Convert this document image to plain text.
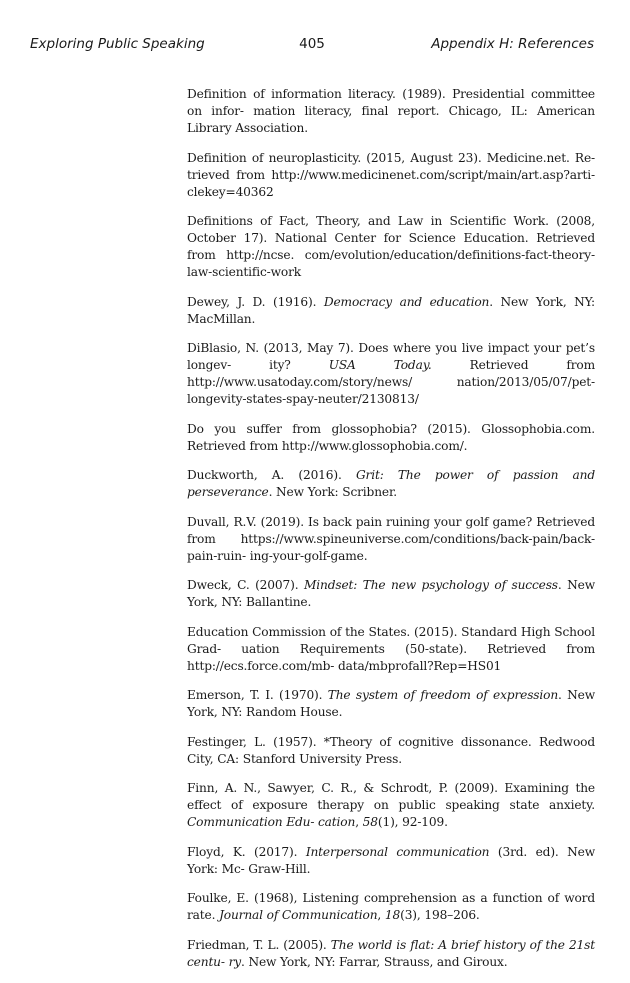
Exploring Public Speaking	405	Appendix H: References

Definition of information literacy. (1989). Presidential committee on infor- mation literacy, final report. Chicago, IL: American Library Association.

Definition of neuroplasticity. (2015, August 23). Medicine.net. Re- trieved from http://www.medicinenet.com/script/main/art.asp?arti- clekey=40362

Definitions of Fact, Theory, and Law in Scientific Work. (2008, October 17). National Center for Science Education. Retrieved from http://ncse. com/evolution/education/definitions-fact-theory-law-scientific-work

Dewey, J. D. (1916). Democracy and education. New York, NY: MacMillan.

DiBlasio, N. (2013, May 7). Does where you live impact your pet’s longev- ity? USA Today. Retrieved from http://www.usatoday.com/story/news/ nation/2013/05/07/pet-longevity-states-spay-neuter/2130813/

Do you suffer from glossophobia? (2015). Glossophobia.com. Retrieved from http://www.glossophobia.com/.

Duckworth, A. (2016). Grit: The power of passion and perseverance. New York: Scribner.

Duvall, R.V. (2019). Is back pain ruining your golf game? Retrieved from https://www.spineuniverse.com/conditions/back-pain/back-pain-ruin- ing-your-golf-game.

Dweck, C. (2007). Mindset: The new psychology of success. New York, NY: Ballantine.

Education Commission of the States. (2015). Standard High School Grad- uation Requirements (50-state). Retrieved from http://ecs.force.com/mb- data/mbprofall?Rep=HS01

Emerson, T. I. (1970). The system of freedom of expression. New York, NY: Random House.

Festinger, L. (1957). *Theory of cognitive dissonance. Redwood City, CA: Stanford University Press.

Finn, A. N., Sawyer, C. R., & Schrodt, P. (2009). Examining the effect of exposure therapy on public speaking state anxiety. Communication Edu- cation, 58(1), 92-109.

Floyd, K. (2017). Interpersonal communication (3rd. ed). New York: Mc- Graw-Hill.

Foulke, E. (1968), Listening comprehension as a function of word rate. Journal of Communication, 18(3), 198–206.

Friedman, T. L. (2005). The world is flat: A brief history of the 21st centu- ry. New York, NY: Farrar, Strauss, and Giroux.
